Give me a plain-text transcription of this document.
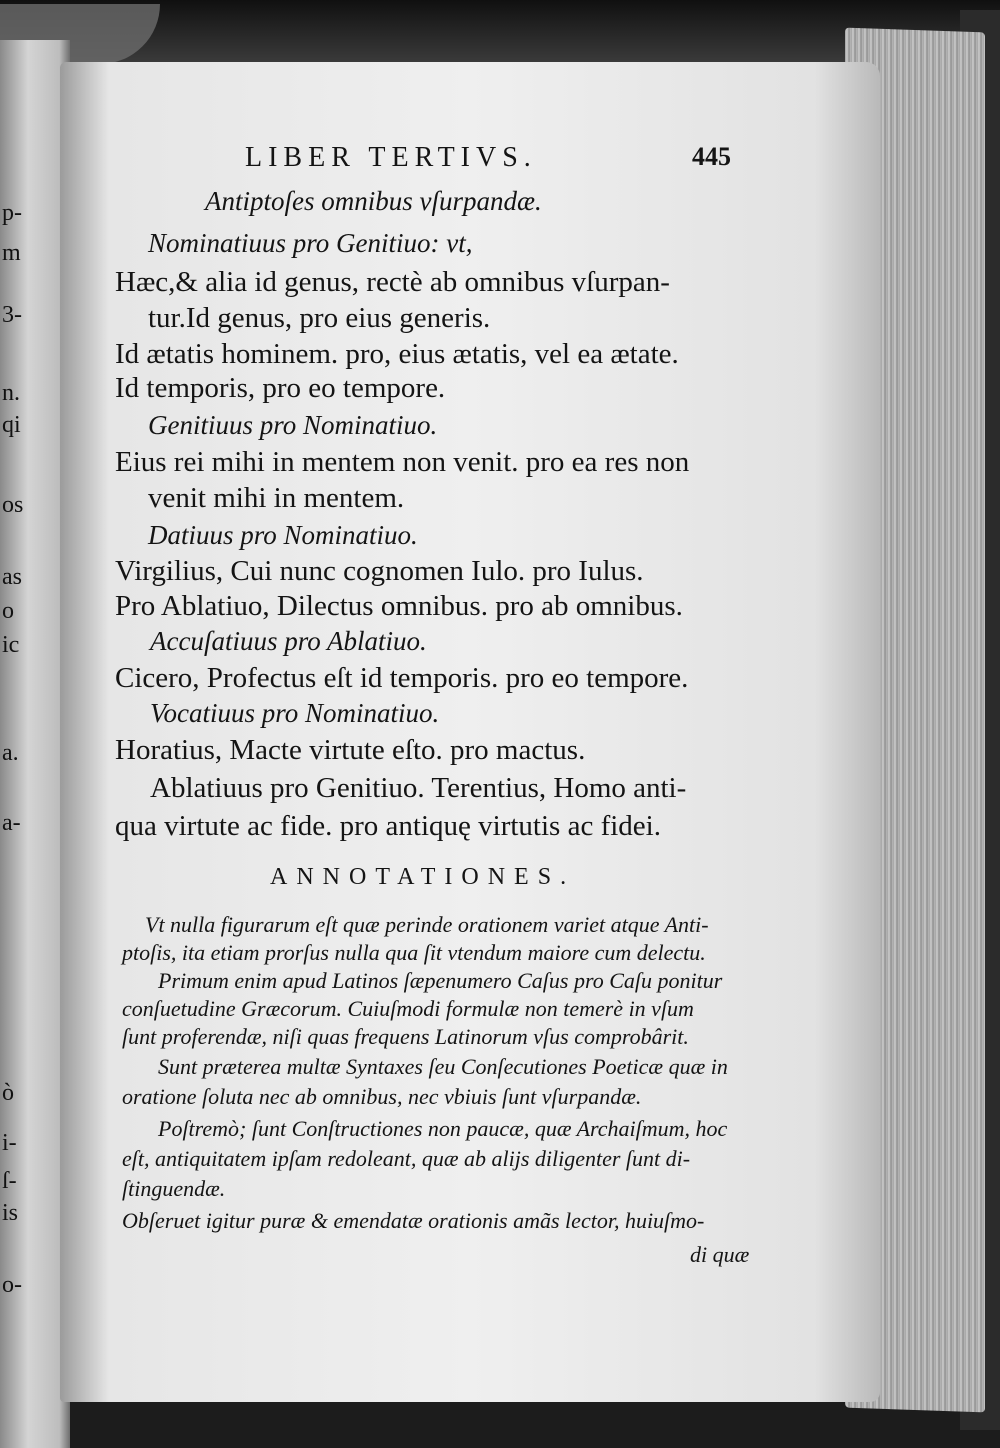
p-
m
3-
n.
qi
os
as
o
ic
a.
a-
ò
i-
ſ-
is
o-
LIBER TERTIVS.	445
Antiptoſes omnibus vſurpandæ.
Nominatiuus pro Genitiuo: vt,
Hæc,& alia id genus, rectè ab omnibus vſurpan-
tur.Id genus, pro eius generis.
Id ætatis hominem. pro, eius ætatis, vel ea ætate.
Id temporis, pro eo tempore.
Genitiuus pro Nominatiuo.
Eius rei mihi in mentem non venit. pro ea res non
venit mihi in mentem.
Datiuus pro Nominatiuo.
Virgilius, Cui nunc cognomen Iulo. pro Iulus.
Pro Ablatiuo, Dilectus omnibus. pro ab omnibus.
Accuſatiuus pro Ablatiuo.
Cicero, Profectus eſt id temporis. pro eo tempore.
Vocatiuus pro Nominatiuo.
Horatius, Macte virtute eſto. pro mactus.
Ablatiuus pro Genitiuo. Terentius, Homo anti-
qua virtute ac fide. pro antiquę virtutis ac fidei.
ANNOTATIONES.
Vt nulla figurarum eſt quæ perinde orationem variet atque Anti-
ptoſis, ita etiam prorſus nulla qua ſit vtendum maiore cum delectu.
Primum enim apud Latinos ſæpenumero Caſus pro Caſu ponitur
conſuetudine Græcorum. Cuiuſmodi formulæ non temerè in vſum
ſunt proferendæ, niſi quas frequens Latinorum vſus comprobârit.
Sunt præterea multæ Syntaxes ſeu Conſecutiones Poeticæ quæ in
oratione ſoluta nec ab omnibus, nec vbiuis ſunt vſurpandæ.
Poſtremò; ſunt Conſtructiones non paucæ, quæ Archaiſmum, hoc
eſt, antiquitatem ipſam redoleant, quæ ab alijs diligenter ſunt di-
ſtinguendæ.
Obſeruet igitur puræ & emendatæ orationis amãs lector, huiuſmo-
di quæ
